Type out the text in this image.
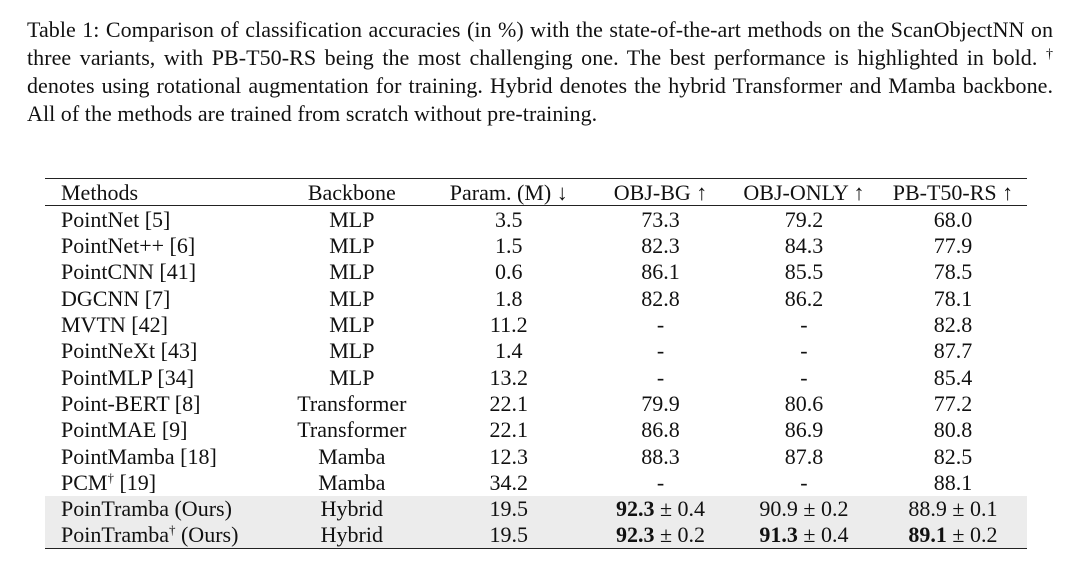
Table 1: Comparison of classification accuracies (in %) with the state-of-the-art methods on the ScanObjectNN on three variants, with PB-T50-RS being the most challenging one. The best performance is highlighted in bold. † denotes using rotational augmentation for training. Hybrid denotes the hybrid Transformer and Mamba backbone. All of the methods are trained from scratch without pre-training.
Methods	Backbone	Param. (M) ↓	OBJ-BG ↑	OBJ-ONLY ↑	PB-T50-RS ↑
PointNet [5]	MLP	3.5	73.3	79.2	68.0
PointNet++ [6]	MLP	1.5	82.3	84.3	77.9
PointCNN [41]	MLP	0.6	86.1	85.5	78.5
DGCNN [7]	MLP	1.8	82.8	86.2	78.1
MVTN [42]	MLP	11.2	-	-	82.8
PointNeXt [43]	MLP	1.4	-	-	87.7
PointMLP [34]	MLP	13.2	-	-	85.4
Point-BERT [8]	Transformer	22.1	79.9	80.6	77.2
PointMAE [9]	Transformer	22.1	86.8	86.9	80.8
PointMamba [18]	Mamba	12.3	88.3	87.8	82.5
PCM† [19]	Mamba	34.2	-	-	88.1
PoinTramba (Ours)	Hybrid	19.5	92.3 ± 0.4	90.9 ± 0.2	88.9 ± 0.1
PoinTramba† (Ours)	Hybrid	19.5	92.3 ± 0.2	91.3 ± 0.4	89.1 ± 0.2
